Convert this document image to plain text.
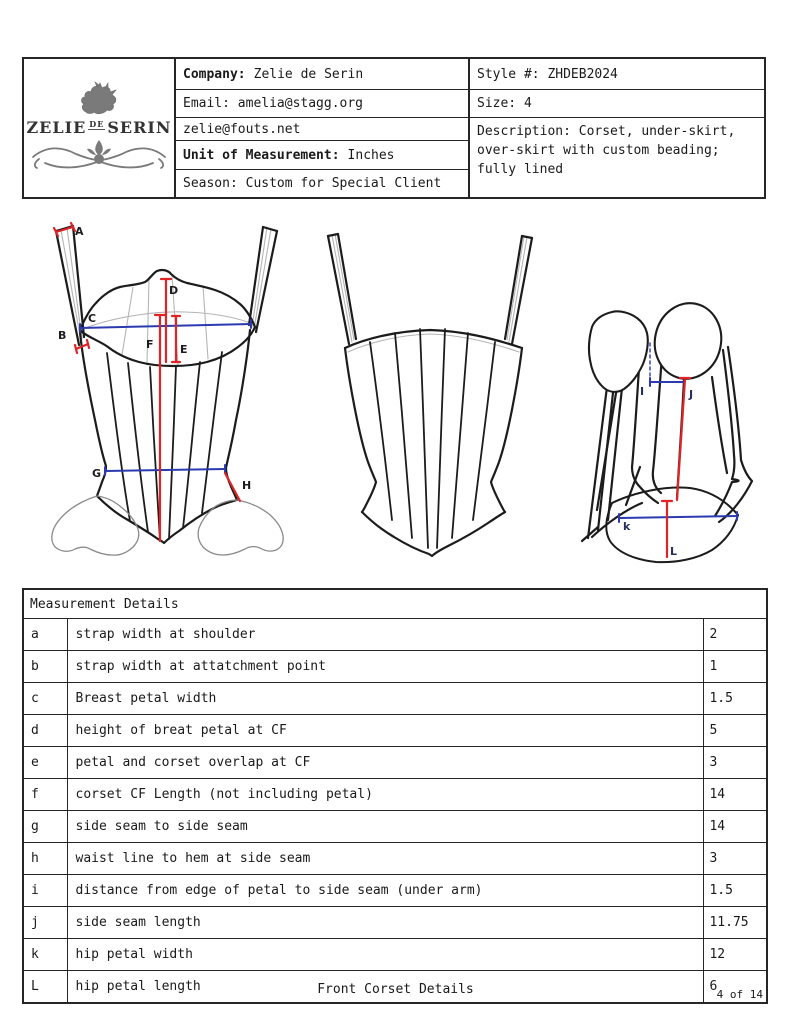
ZELIE $^{DE}$ SERIN
Company: Zelie de Serin
Email: amelia@stagg.org
zelie@fouts.net
Unit of Measurement: Inches
Season: Custom for Special Client
Style #: ZHDEB2024
Size: 4
Description: Corset, under-skirt, over-skirt with custom beading; fully lined
A
B
C
D
E
F
G
H
I	J
k
L
Measurement Details		
a	strap width at shoulder	2
b	strap width at attatchment point	1
c	Breast petal width	1.5
d	height of breat petal at CF	5
e	petal and corset overlap at CF	3
f	corset CF Length (not including petal)	14
g	side seam to side seam	14
h	waist line to hem at side seam	3
i	distance from edge of petal to side seam (under arm)	1.5
j	side seam length	11.75
k	hip petal width	12
L	hip petal length	6
Front Corset Details	4 of 14
